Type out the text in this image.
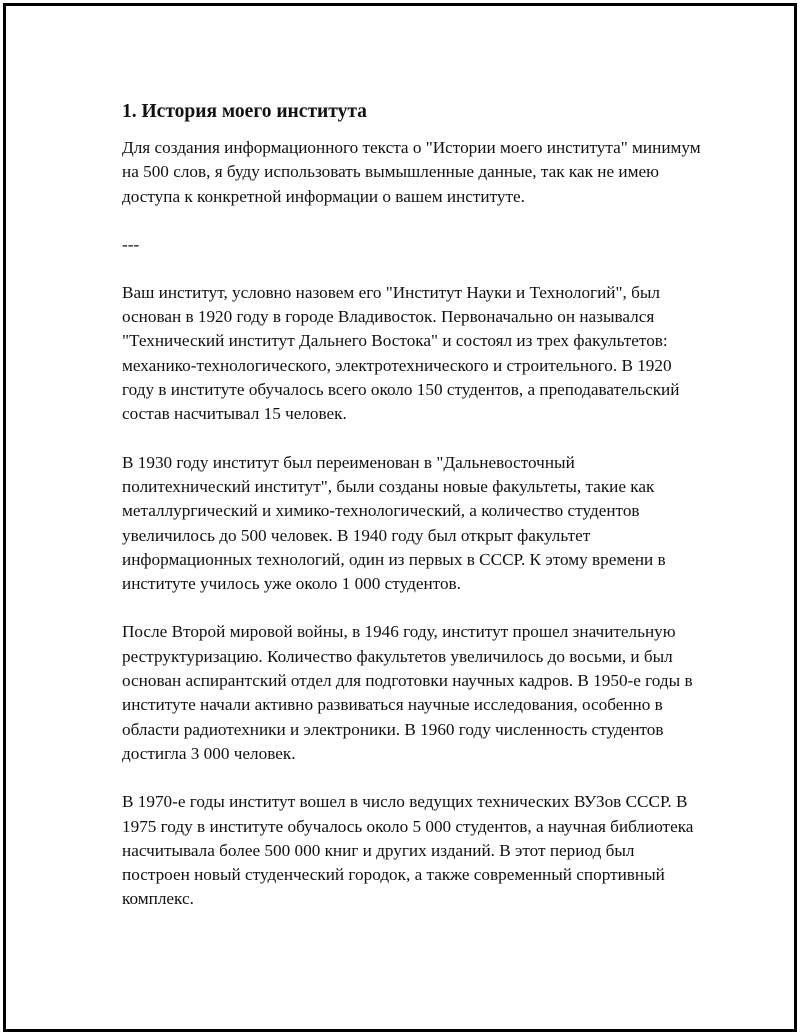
1. История моего института

Для создания информационного текста о "Истории моего института" минимум на 500 слов, я буду использовать вымышленные данные, так как не имею доступа к конкретной информации о вашем институте.

---

Ваш институт, условно назовем его "Институт Науки и Технологий", был основан в 1920 году в городе Владивосток. Первоначально он назывался "Технический институт Дальнего Востока" и состоял из трех факультетов: механико-технологического, электротехнического и строительного. В 1920 году в институте обучалось всего около 150 студентов, а преподавательский состав насчитывал 15 человек.

В 1930 году институт был переименован в "Дальневосточный политехнический институт", были созданы новые факультеты, такие как металлургический и химико-технологический, а количество студентов увеличилось до 500 человек. В 1940 году был открыт факультет информационных технологий, один из первых в СССР. К этому времени в институте училось уже около 1 000 студентов.

После Второй мировой войны, в 1946 году, институт прошел значительную реструктуризацию. Количество факультетов увеличилось до восьми, и был основан аспирантский отдел для подготовки научных кадров. В 1950-е годы в институте начали активно развиваться научные исследования, особенно в области радиотехники и электроники. В 1960 году численность студентов достигла 3 000 человек.

В 1970-е годы институт вошел в число ведущих технических ВУЗов СССР. В 1975 году в институте обучалось около 5 000 студентов, а научная библиотека насчитывала более 500 000 книг и других изданий. В этот период был построен новый студенческий городок, а также современный спортивный комплекс.
